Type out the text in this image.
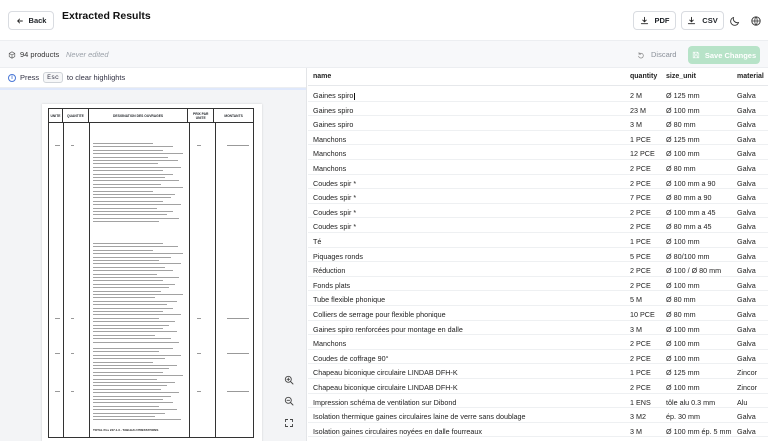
Back Extracted Results	PDF	CSV
94 products Never edited	Discard	Save Changes
i Press	Esc	to clear highlights
UNITE	QUANTITE	DESIGNATION DES OUVRAGES	PRIX PAR UNITE	MONTANTS
TOTAL Pos 247.1.3 - TABLEAU PRESTATIONS
name	quantity	size_unit	material
Gaines spiro	2 M	Ø 125 mm	Galva
Gaines spiro	23 M	Ø 100 mm	Galva
Gaines spiro	3 M	Ø 80 mm	Galva
Manchons	1 PCE	Ø 125 mm	Galva
Manchons	12 PCE	Ø 100 mm	Galva
Manchons	2 PCE	Ø 80 mm	Galva
Coudes spir *	2 PCE	Ø 100 mm a 90	Galva
Coudes spir *	7 PCE	Ø 80 mm a 90	Galva
Coudes spir *	2 PCE	Ø 100 mm a 45	Galva
Coudes spir *	2 PCE	Ø 80 mm a 45	Galva
Té	1 PCE	Ø 100 mm	Galva
Piquages ronds	5 PCE	Ø 80/100 mm	Galva
Réduction	2 PCE	Ø 100 / Ø 80 mm	Galva
Fonds plats	2 PCE	Ø 100 mm	Galva
Tube flexible phonique	5 M	Ø 80 mm	Galva
Colliers de serrage pour flexible phonique	10 PCE	Ø 80 mm	Galva
Gaines spiro renforcées pour montage en dalle	3 M	Ø 100 mm	Galva
Manchons	2 PCE	Ø 100 mm	Galva
Coudes de coffrage 90°	2 PCE	Ø 100 mm	Galva
Chapeau biconique circulaire LINDAB DFH-K	1 PCE	Ø 125 mm	Zincor
Chapeau biconique circulaire LINDAB DFH-K	2 PCE	Ø 100 mm	Zincor
Impression schéma de ventilation sur Dibond	1 ENS	tôle alu 0.3 mm	Alu
Isolation thermique gaines circulaires laine de verre sans doublage	3 M2	ép. 30 mm	Galva
Isolation gaines circulaires noyées en dalle fourreaux	3 M	Ø 100 mm ép. 5 mm Galva
